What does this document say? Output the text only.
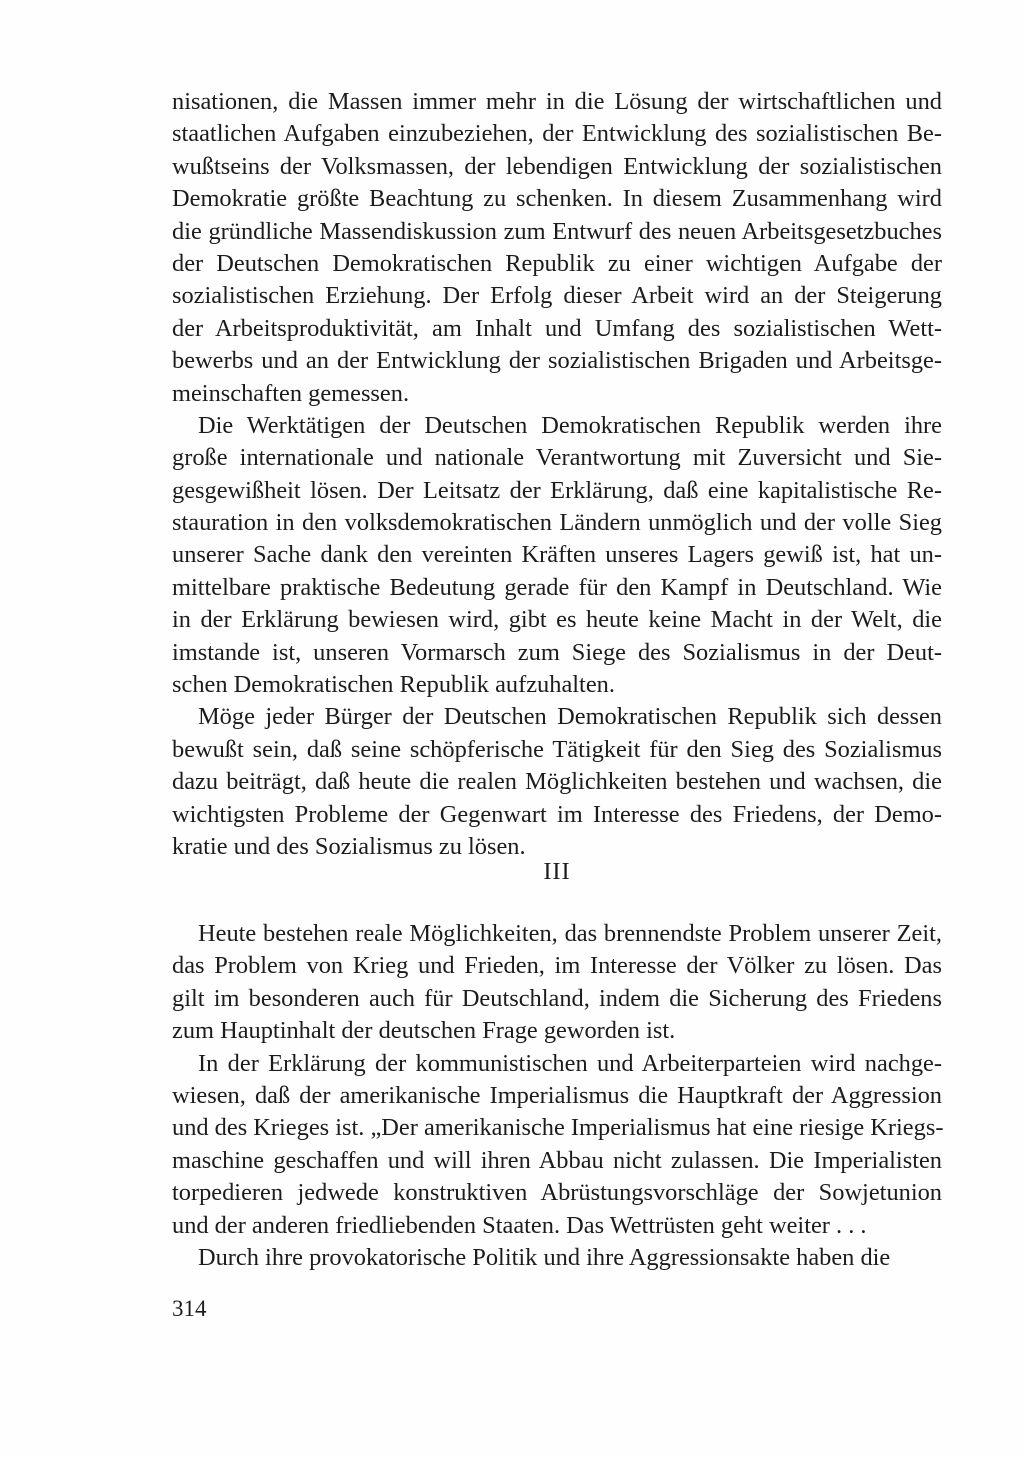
nisationen, die Massen immer mehr in die Lösung der wirtschaftlichen und
staatlichen Aufgaben einzubeziehen, der Entwicklung des sozialistischen Be-
wußtseins der Volksmassen, der lebendigen Entwicklung der sozialistischen
Demokratie größte Beachtung zu schenken. In diesem Zusammenhang wird
die gründliche Massendiskussion zum Entwurf des neuen Arbeitsgesetzbuches
der Deutschen Demokratischen Republik zu einer wichtigen Aufgabe der
sozialistischen Erziehung. Der Erfolg dieser Arbeit wird an der Steigerung
der Arbeitsproduktivität, am Inhalt und Umfang des sozialistischen Wett-
bewerbs und an der Entwicklung der sozialistischen Brigaden und Arbeitsge-
meinschaften gemessen.

Die Werktätigen der Deutschen Demokratischen Republik werden ihre
große internationale und nationale Verantwortung mit Zuversicht und Sie-
gesgewißheit lösen. Der Leitsatz der Erklärung, daß eine kapitalistische Re-
stauration in den volksdemokratischen Ländern unmöglich und der volle Sieg
unserer Sache dank den vereinten Kräften unseres Lagers gewiß ist, hat un-
mittelbare praktische Bedeutung gerade für den Kampf in Deutschland. Wie
in der Erklärung bewiesen wird, gibt es heute keine Macht in der Welt, die
imstande ist, unseren Vormarsch zum Siege des Sozialismus in der Deut-
schen Demokratischen Republik aufzuhalten.

Möge jeder Bürger der Deutschen Demokratischen Republik sich dessen
bewußt sein, daß seine schöpferische Tätigkeit für den Sieg des Sozialismus
dazu beiträgt, daß heute die realen Möglichkeiten bestehen und wachsen, die
wichtigsten Probleme der Gegenwart im Interesse des Friedens, der Demo-
kratie und des Sozialismus zu lösen.

III

Heute bestehen reale Möglichkeiten, das brennendste Problem unserer Zeit,
das Problem von Krieg und Frieden, im Interesse der Völker zu lösen. Das
gilt im besonderen auch für Deutschland, indem die Sicherung des Friedens
zum Hauptinhalt der deutschen Frage geworden ist.

In der Erklärung der kommunistischen und Arbeiterparteien wird nachge-
wiesen, daß der amerikanische Imperialismus die Hauptkraft der Aggression
und des Krieges ist. „Der amerikanische Imperialismus hat eine riesige Kriegs-
maschine geschaffen und will ihren Abbau nicht zulassen. Die Imperialisten
torpedieren jedwede konstruktiven Abrüstungsvorschläge der Sowjetunion
und der anderen friedliebenden Staaten. Das Wettrüsten geht weiter . . .

Durch ihre provokatorische Politik und ihre Aggressionsakte haben die

314
